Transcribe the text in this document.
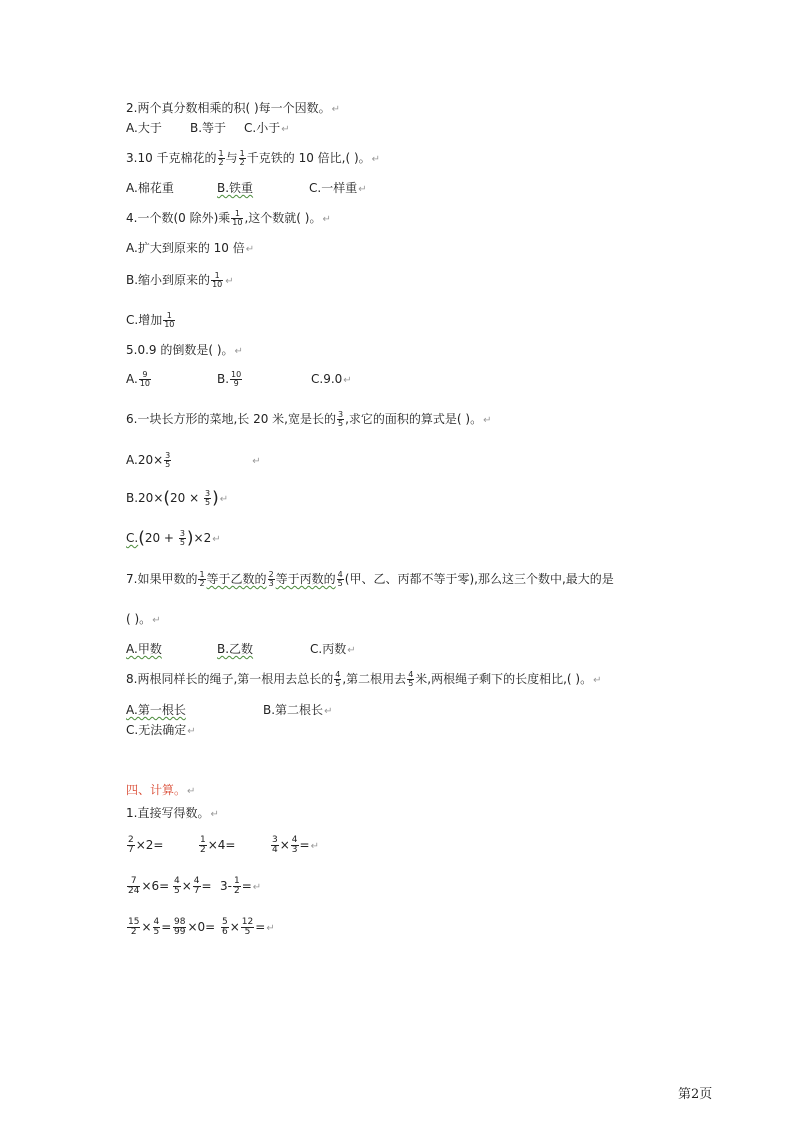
2.两个真分数相乘的积( )每一个因数。↵
A.大于 B.等于 C.小于↵
3.10 千克棉花的 $\frac{1}{2}$ 与 $\frac{1}{2}$ 千克铁的 10 倍比,( )。↵
A.棉花重	B.铁重	C.一样重↵
4.一个数(0 除外)乘 $\frac{1}{10}$ ,这个数就( )。↵
A.扩大到原来的 10 倍↵
B.缩小到原来的 $\frac{1}{10}$ ↵
C.增加 $\frac{1}{10}$
5.0.9 的倒数是( )。↵
A. $\frac{9}{10}$	B. $\frac{10}{9}$	C.9.0↵
6.一块长方形的菜地,长 20 米,宽是长的 $\frac{3}{5}$ ,求它的面积的算式是( )。↵
$A.20\times \frac{3}{5}$	↵
$B.20\times(20 \times \frac{3}{5}$ )↵
$C.(20 + \frac{3}{5}$ )×2↵
7.如果甲数的 $\frac{1}{2}$ 等于乙数的 $\frac{2}{3}$ 等于丙数的 $\frac{4}{5}$ (甲、乙、丙都不等于零),那么这三个数中,最大的是
( )。↵
A.甲数	B.乙数	C.丙数↵
8.两根同样长的绳子,第一根用去总长的 $\frac{4}{5}$ ,第二根用去 $\frac{4}{5}$ 米,两根绳子剩下的长度相比,( )。↵
A.第一根长	B.第二根长↵
C.无法确定↵
四、计算。↵
1.直接写得数。↵
$\frac{2}{7} \times 2=$	$\frac{1}{2} \times 4=$	$\frac{3}{4} \times \frac{4}{3}$ =↵
$\frac{7}{24} \times 6= \frac{4}{5} \times \frac{4}{7} = 3- \frac{1}{2}$ =↵
$\frac{15}{2} \times \frac{4}{5} = \frac{98}{99} \times 0= \frac{5}{6} \times \frac{12}{5}$ =↵
第2页
